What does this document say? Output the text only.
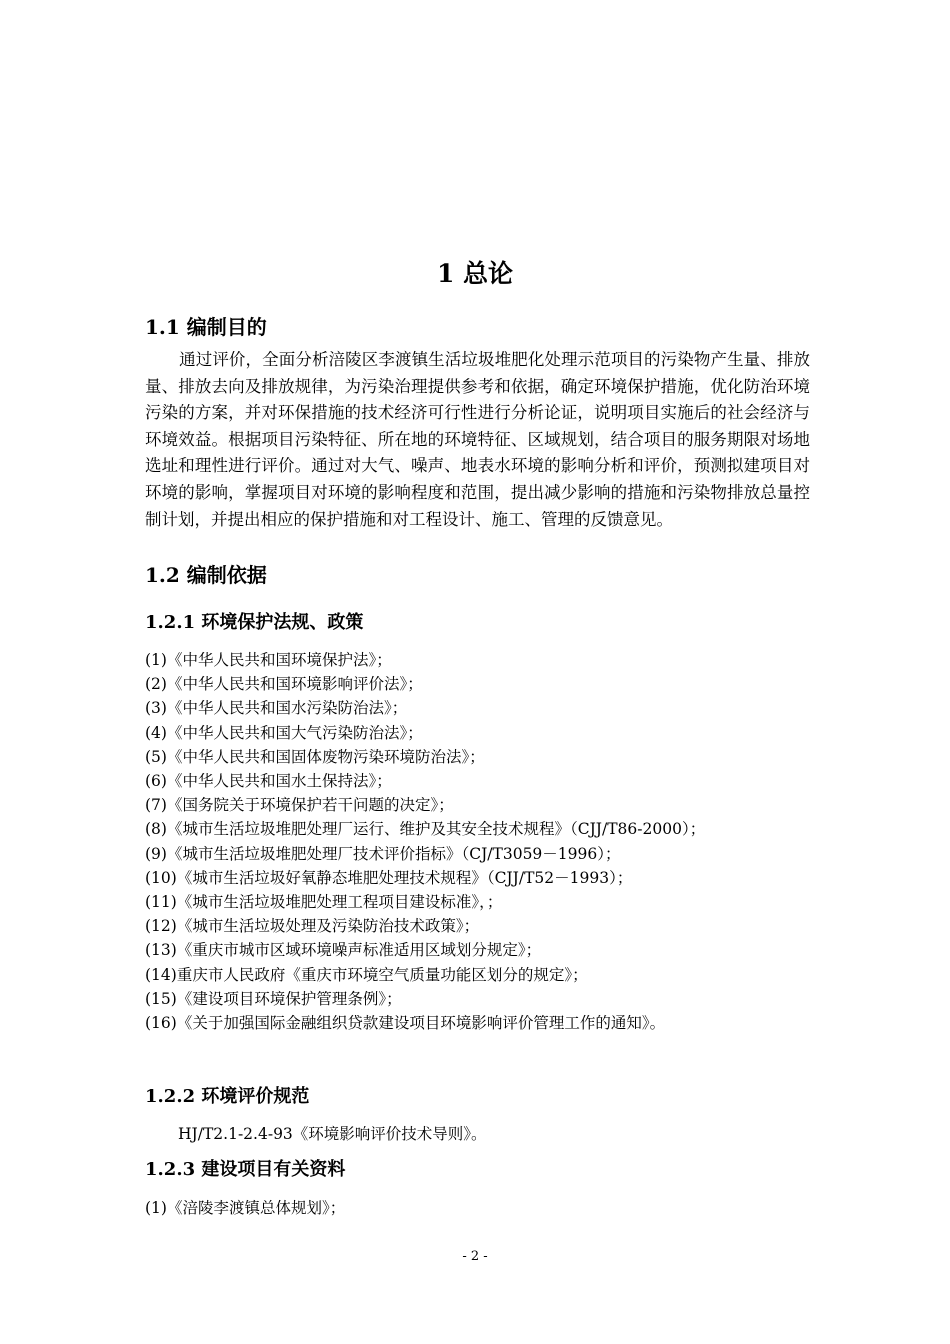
1 总论
1.1 编制目的
通过评价，全面分析涪陵区李渡镇生活垃圾堆肥化处理示范项目的污染物产生量、排放量、排放去向及排放规律，为污染治理提供参考和依据，确定环境保护措施，优化防治环境污染的方案，并对环保措施的技术经济可行性进行分析论证，说明项目实施后的社会经济与环境效益。根据项目污染特征、所在地的环境特征、区域规划，结合项目的服务期限对场地选址和理性进行评价。通过对大气、噪声、地表水环境的影响分析和评价，预测拟建项目对环境的影响，掌握项目对环境的影响程度和范围，提出减少影响的措施和污染物排放总量控制计划，并提出相应的保护措施和对工程设计、施工、管理的反馈意见。
1.2 编制依据
1.2.1 环境保护法规、政策
(1)《中华人民共和国环境保护法》；
(2)《中华人民共和国环境影响评价法》；
(3)《中华人民共和国水污染防治法》；
(4)《中华人民共和国大气污染防治法》；
(5)《中华人民共和国固体废物污染环境防治法》；
(6)《中华人民共和国水土保持法》；
(7)《国务院关于环境保护若干问题的决定》；
(8)《城市生活垃圾堆肥处理厂运行、维护及其安全技术规程》（CJJ/T86-2000）；
(9)《城市生活垃圾堆肥处理厂技术评价指标》（CJ/T3059－1996）；
(10)《城市生活垃圾好氧静态堆肥处理技术规程》（CJJ/T52－1993）；
(11)《城市生活垃圾堆肥处理工程项目建设标准》，；
(12)《城市生活垃圾处理及污染防治技术政策》；
(13)《重庆市城市区域环境噪声标准适用区域划分规定》；
(14)重庆市人民政府《重庆市环境空气质量功能区划分的规定》；
(15)《建设项目环境保护管理条例》；
(16)《关于加强国际金融组织贷款建设项目环境影响评价管理工作的通知》。
1.2.2 环境评价规范
HJ/T2.1-2.4-93《环境影响评价技术导则》。
1.2.3 建设项目有关资料
(1)《涪陵李渡镇总体规划》；
- 2 -
